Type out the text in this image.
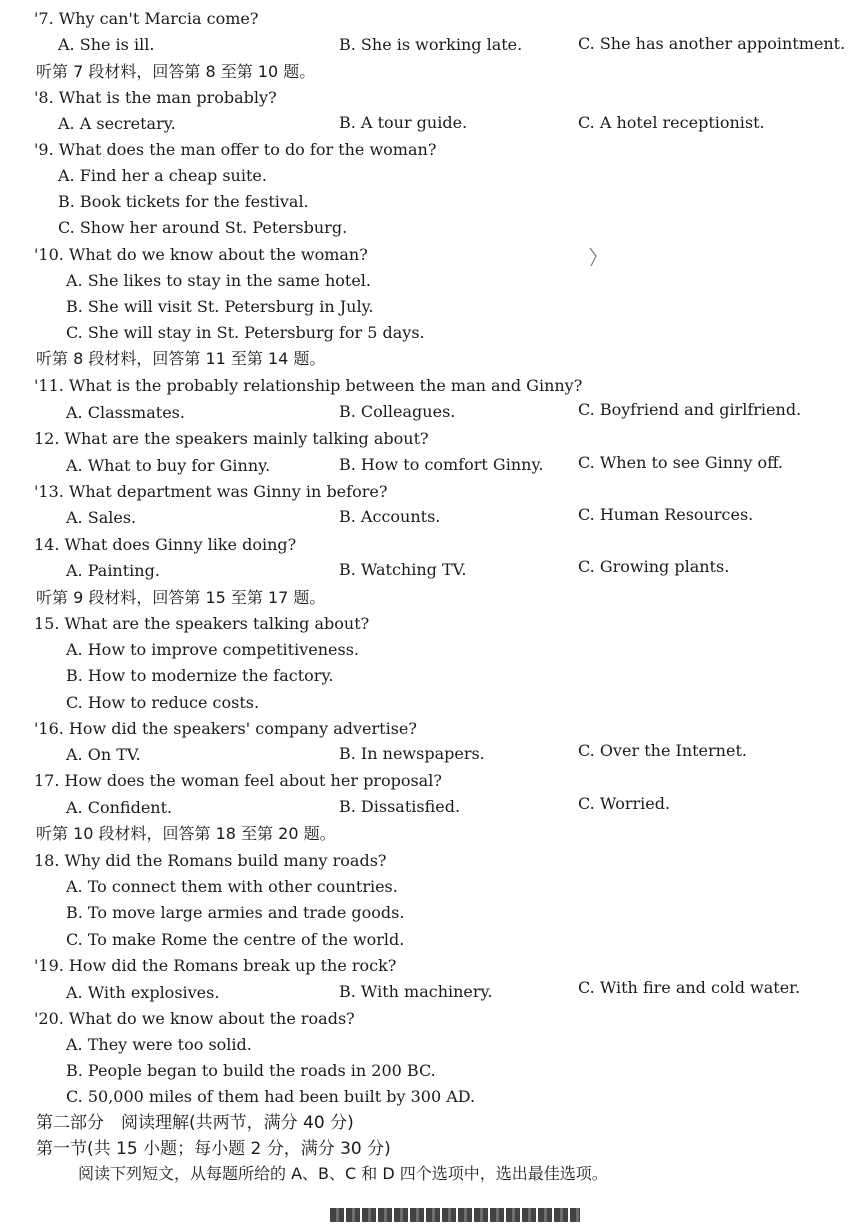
'7. Why can't Marcia come?
A. She is ill.	B. She is working late.	C. She has another appointment.
听第 7 段材料，回答第 8 至第 10 题。
'8. What is the man probably?
A. A secretary.	B. A tour guide.	C. A hotel receptionist.
'9. What does the man offer to do for the woman?
A. Find her a cheap suite.
B. Book tickets for the festival.
C. Show her around St. Petersburg.
'10. What do we know about the woman?
A. She likes to stay in the same hotel.
B. She will visit St. Petersburg in July.
C. She will stay in St. Petersburg for 5 days.
听第 8 段材料，回答第 11 至第 14 题。
'11. What is the probably relationship between the man and Ginny?
A. Classmates.	B. Colleagues.	C. Boyfriend and girlfriend.
12. What are the speakers mainly talking about?
A. What to buy for Ginny.	B. How to comfort Ginny. C. When to see Ginny off.
'13. What department was Ginny in before?
A. Sales.	B. Accounts.	C. Human Resources.
14. What does Ginny like doing?
A. Painting.	B. Watching TV.	C. Growing plants.
听第 9 段材料，回答第 15 至第 17 题。
15. What are the speakers talking about?
A. How to improve competitiveness.
B. How to modernize the factory.
C. How to reduce costs.
'16. How did the speakers' company advertise?
A. On TV.	B. In newspapers.	C. Over the Internet.
17. How does the woman feel about her proposal?
A. Confident.	B. Dissatisfied.	C. Worried.
听第 10 段材料，回答第 18 至第 20 题。
18. Why did the Romans build many roads?
A. To connect them with other countries.
B. To move large armies and trade goods.
C. To make Rome the centre of the world.
'19. How did the Romans break up the rock?
A. With explosives.	B. With machinery.	C. With fire and cold water.
'20. What do we know about the roads?
A. They were too solid.
B. People began to build the roads in 200 BC.
C. 50,000 miles of them had been built by 300 AD.
第二部分　阅读理解(共两节，满分 40 分)
第一节(共 15 小题；每小题 2 分，满分 30 分)
阅读下列短文，从每题所给的 A、B、C 和 D 四个选项中，选出最佳选项。
